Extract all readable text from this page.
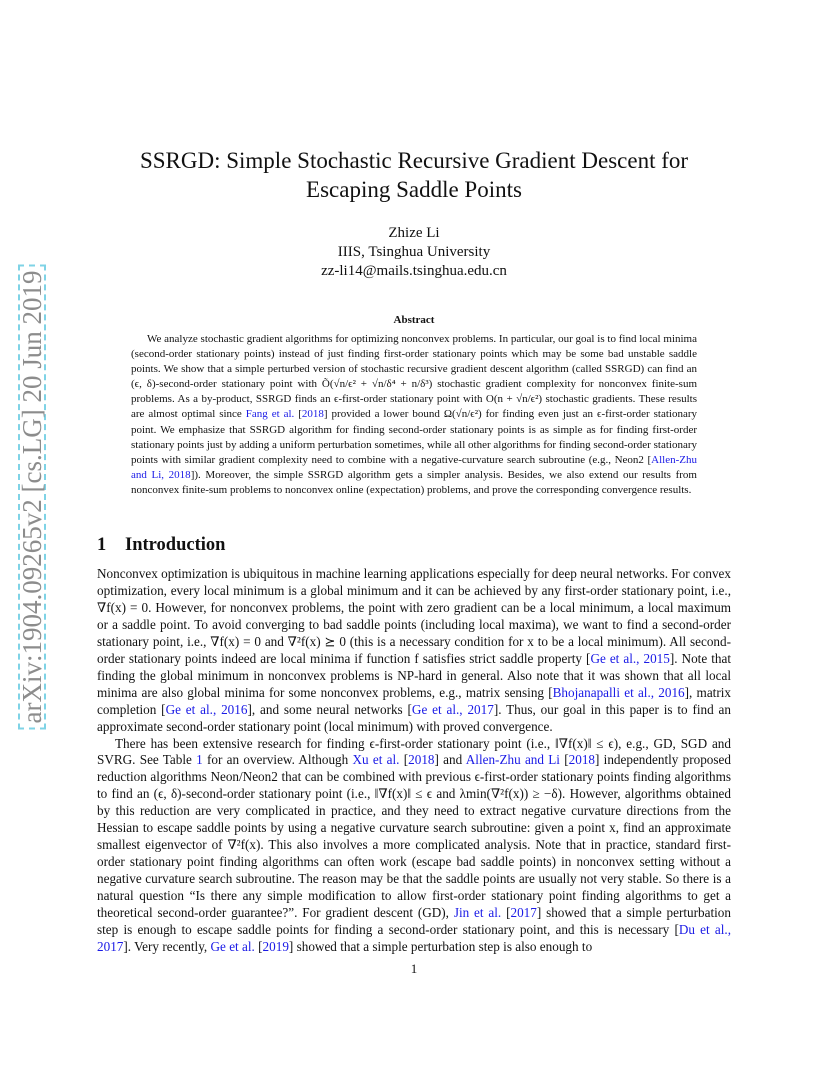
arXiv:1904.09265v2 [cs.LG] 20 Jun 2019
SSRGD: Simple Stochastic Recursive Gradient Descent for
Escaping Saddle Points
Zhize Li
IIIS, Tsinghua University
zz-li14@mails.tsinghua.edu.cn
Abstract

We analyze stochastic gradient algorithms for optimizing nonconvex problems. In particular, our goal is to find local minima (second-order stationary points) instead of just finding first-order stationary points which may be some bad unstable saddle points. We show that a simple perturbed version of stochastic recursive gradient descent algorithm (called SSRGD) can find an (ϵ, δ)-second-order stationary point with Õ(√n/ϵ² + √n/δ⁴ + n/δ³) stochastic gradient complexity for nonconvex finite-sum problems. As a by-product, SSRGD finds an ϵ-first-order stationary point with O(n + √n/ϵ²) stochastic gradients. These results are almost optimal since Fang et al. [2018] provided a lower bound Ω(√n/ϵ²) for finding even just an ϵ-first-order stationary point. We emphasize that SSRGD algorithm for finding second-order stationary points is as simple as for finding first-order stationary points just by adding a uniform perturbation sometimes, while all other algorithms for finding second-order stationary points with similar gradient complexity need to combine with a negative-curvature search subroutine (e.g., Neon2 [Allen-Zhu and Li, 2018]). Moreover, the simple SSRGD algorithm gets a simpler analysis. Besides, we also extend our results from nonconvex finite-sum problems to nonconvex online (expectation) problems, and prove the corresponding convergence results.

1 Introduction

Nonconvex optimization is ubiquitous in machine learning applications especially for deep neural networks. For convex optimization, every local minimum is a global minimum and it can be achieved by any first-order stationary point, i.e., ∇f(x) = 0. However, for nonconvex problems, the point with zero gradient can be a local minimum, a local maximum or a saddle point. To avoid converging to bad saddle points (including local maxima), we want to find a second-order stationary point, i.e., ∇f(x) = 0 and ∇²f(x) ⪰ 0 (this is a necessary condition for x to be a local minimum). All second-order stationary points indeed are local minima if function f satisfies strict saddle property [Ge et al., 2015]. Note that finding the global minimum in nonconvex problems is NP-hard in general. Also note that it was shown that all local minima are also global minima for some nonconvex problems, e.g., matrix sensing [Bhojanapalli et al., 2016], matrix completion [Ge et al., 2016], and some neural networks [Ge et al., 2017]. Thus, our goal in this paper is to find an approximate second-order stationary point (local minimum) with proved convergence.

There has been extensive research for finding ϵ-first-order stationary point (i.e., ‖∇f(x)‖ ≤ ϵ), e.g., GD, SGD and SVRG. See Table 1 for an overview. Although Xu et al. [2018] and Allen-Zhu and Li [2018] independently proposed reduction algorithms Neon/Neon2 that can be combined with previous ϵ-first-order stationary points finding algorithms to find an (ϵ, δ)-second-order stationary point (i.e., ‖∇f(x)‖ ≤ ϵ and λmin(∇²f(x)) ≥ −δ). However, algorithms obtained by this reduction are very complicated in practice, and they need to extract negative curvature directions from the Hessian to escape saddle points by using a negative curvature search subroutine: given a point x, find an approximate smallest eigenvector of ∇²f(x). This also involves a more complicated analysis. Note that in practice, standard first-order stationary point finding algorithms can often work (escape bad saddle points) in nonconvex setting without a negative curvature search subroutine. The reason may be that the saddle points are usually not very stable. So there is a natural question “Is there any simple modification to allow first-order stationary point finding algorithms to get a theoretical second-order guarantee?”. For gradient descent (GD), Jin et al. [2017] showed that a simple perturbation step is enough to escape saddle points for finding a second-order stationary point, and this is necessary [Du et al., 2017]. Very recently, Ge et al. [2019] showed that a simple perturbation step is also enough to

1
